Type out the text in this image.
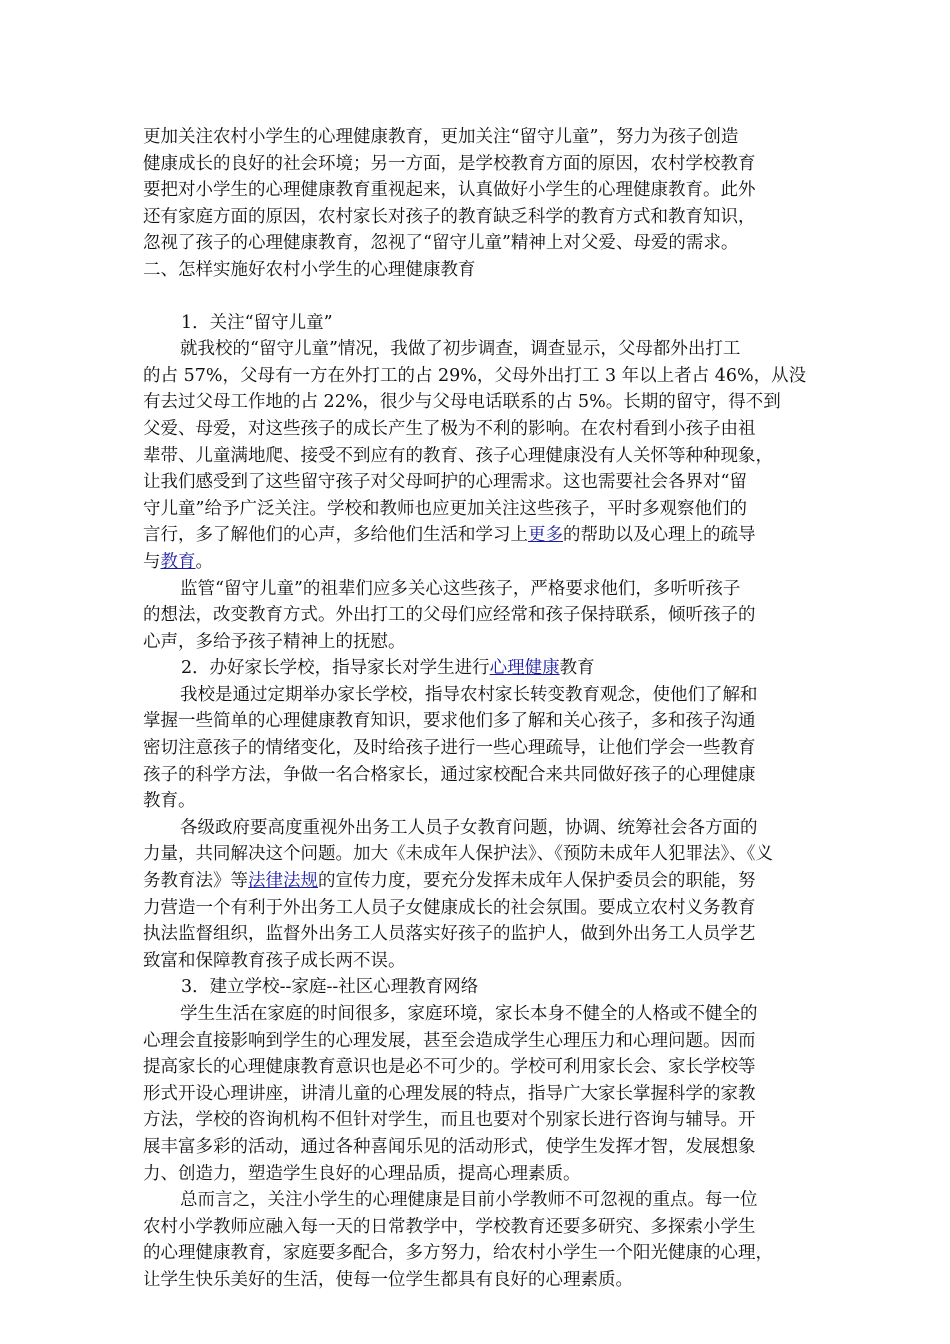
更加关注农村小学生的心理健康教育，更加关注“留守儿童”，努力为孩子创造
健康成长的良好的社会环境；另一方面，是学校教育方面的原因，农村学校教育
要把对小学生的心理健康教育重视起来，认真做好小学生的心理健康教育。此外
还有家庭方面的原因，农村家长对孩子的教育缺乏科学的教育方式和教育知识，
忽视了孩子的心理健康教育，忽视了“留守儿童”精神上对父爱、母爱的需求。
二、怎样实施好农村小学生的心理健康教育
1．关注“留守儿童”
就我校的“留守儿童”情况，我做了初步调查，调查显示，父母都外出打工
的占 57%，父母有一方在外打工的占 29%，父母外出打工 3 年以上者占 46%，从没
有去过父母工作地的占 22%，很少与父母电话联系的占 5%。长期的留守，得不到
父爱、母爱，对这些孩子的成长产生了极为不利的影响。在农村看到小孩子由祖
辈带、儿童满地爬、接受不到应有的教育、孩子心理健康没有人关怀等种种现象，
让我们感受到了这些留守孩子对父母呵护的心理需求。这也需要社会各界对“留
守儿童”给予广泛关注。学校和教师也应更加关注这些孩子，平时多观察他们的
言行，多了解他们的心声，多给他们生活和学习上更多的帮助以及心理上的疏导
与教育。
监管“留守儿童”的祖辈们应多关心这些孩子，严格要求他们，多听听孩子
的想法，改变教育方式。外出打工的父母们应经常和孩子保持联系，倾听孩子的
心声，多给予孩子精神上的抚慰。
2．办好家长学校，指导家长对学生进行心理健康教育
我校是通过定期举办家长学校，指导农村家长转变教育观念，使他们了解和
掌握一些简单的心理健康教育知识，要求他们多了解和关心孩子，多和孩子沟通
密切注意孩子的情绪变化，及时给孩子进行一些心理疏导，让他们学会一些教育
孩子的科学方法，争做一名合格家长，通过家校配合来共同做好孩子的心理健康
教育。
各级政府要高度重视外出务工人员子女教育问题，协调、统筹社会各方面的
力量，共同解决这个问题。加大《未成年人保护法》、《预防未成年人犯罪法》、《义
务教育法》等法律法规的宣传力度，要充分发挥未成年人保护委员会的职能，努
力营造一个有利于外出务工人员子女健康成长的社会氛围。要成立农村义务教育
执法监督组织，监督外出务工人员落实好孩子的监护人，做到外出务工人员学艺
致富和保障教育孩子成长两不误。
3．建立学校--家庭--社区心理教育网络
学生生活在家庭的时间很多，家庭环境，家长本身不健全的人格或不健全的
心理会直接影响到学生的心理发展，甚至会造成学生心理压力和心理问题。因而
提高家长的心理健康教育意识也是必不可少的。学校可利用家长会、家长学校等
形式开设心理讲座，讲清儿童的心理发展的特点，指导广大家长掌握科学的家教
方法，学校的咨询机构不但针对学生，而且也要对个别家长进行咨询与辅导。开
展丰富多彩的活动，通过各种喜闻乐见的活动形式，使学生发挥才智，发展想象
力、创造力，塑造学生良好的心理品质，提高心理素质。
总而言之，关注小学生的心理健康是目前小学教师不可忽视的重点。每一位
农村小学教师应融入每一天的日常教学中，学校教育还要多研究、多探索小学生
的心理健康教育，家庭要多配合，多方努力，给农村小学生一个阳光健康的心理，
让学生快乐美好的生活，使每一位学生都具有良好的心理素质。
